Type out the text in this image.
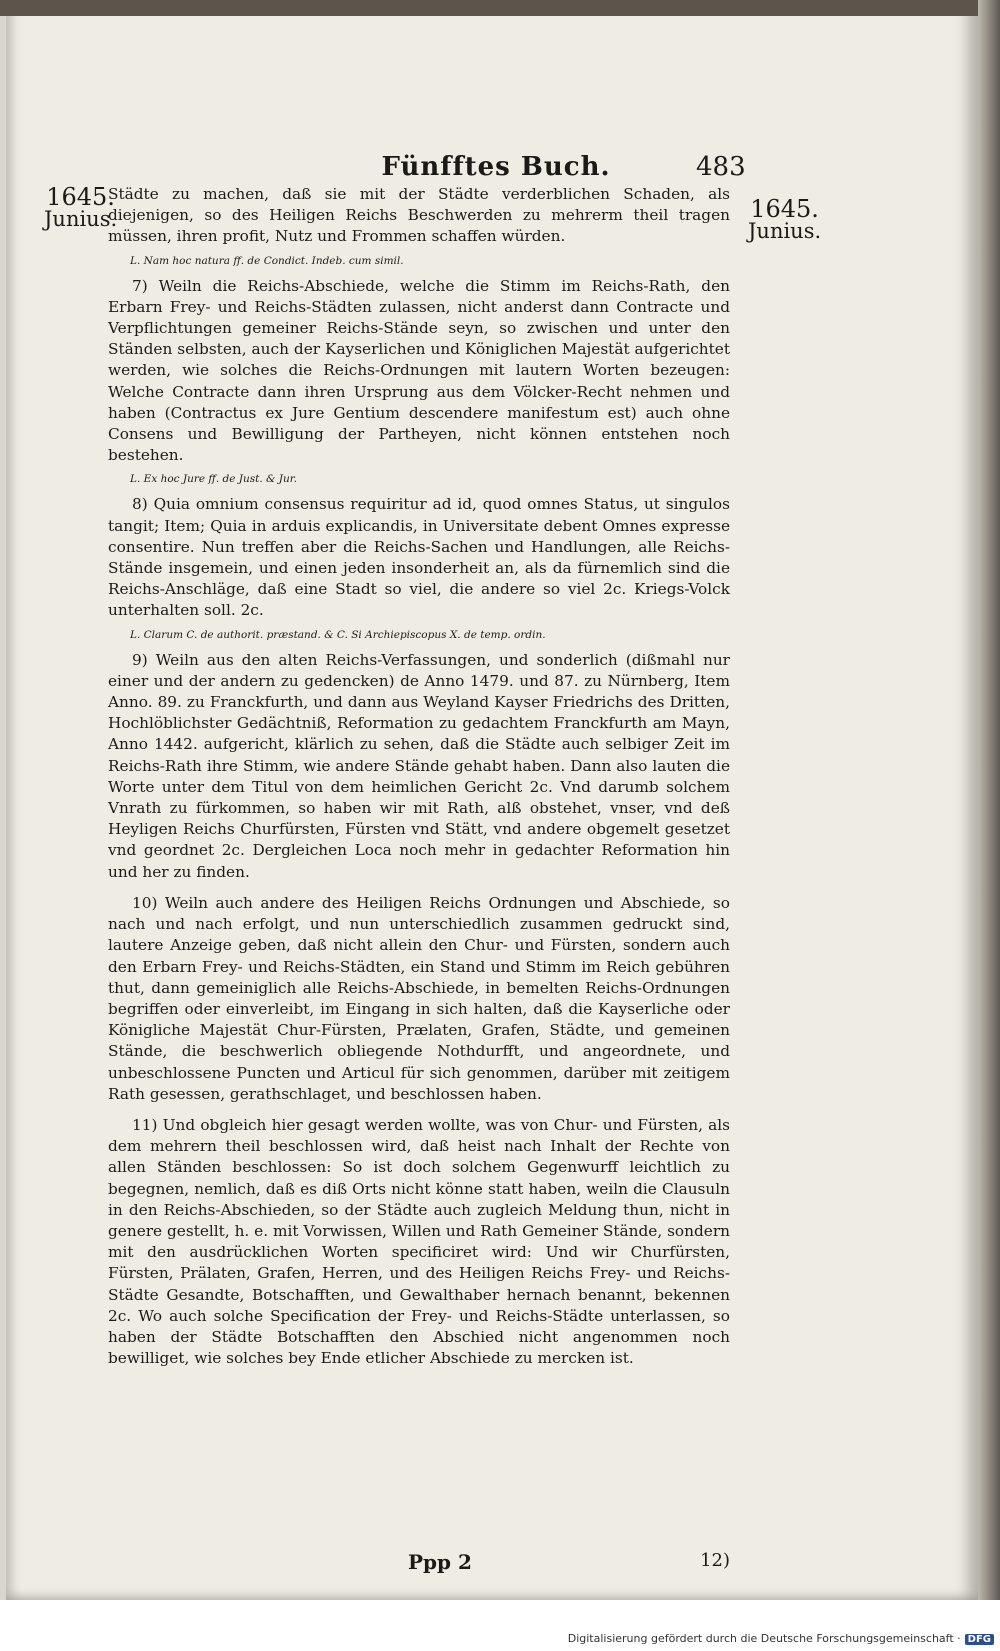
Fünfftes Buch.	483
1645.
Junius.	1645.
Junius.

Städte zu machen, daß sie mit der Städte verderblichen Schaden, als diejenigen, so des Heiligen Reichs Beschwerden zu mehrerm theil tragen müssen, ihren profit, Nutz und Frommen schaffen würden.

L. Nam hoc natura ff. de Condict. Indeb. cum simil.

7) Weiln die Reichs-Abschiede, welche die Stimm im Reichs-Rath, den Erbarn Frey- und Reichs-Städten zulassen, nicht anderst dann Contracte und Verpflichtungen gemeiner Reichs-Stände seyn, so zwischen und unter den Ständen selbsten, auch der Kayserlichen und Königlichen Majestät aufgerichtet werden, wie solches die Reichs-Ordnungen mit lautern Worten bezeugen: Welche Contracte dann ihren Ursprung aus dem Völcker-Recht nehmen und haben (Contractus ex Jure Gentium descendere manifestum est) auch ohne Consens und Bewilligung der Partheyen, nicht können entstehen noch bestehen.

L. Ex hoc Jure ff. de Just. & Jur.

8) Quia omnium consensus requiritur ad id, quod omnes Status, ut singulos tangit; Item; Quia in arduis explicandis, in Universitate debent Omnes expresse consentire. Nun treffen aber die Reichs-Sachen und Handlungen, alle Reichs-Stände insgemein, und einen jeden insonderheit an, als da fürnemlich sind die Reichs-Anschläge, daß eine Stadt so viel, die andere so viel 2c. Kriegs-Volck unterhalten soll. 2c.

L. Clarum C. de authorit. præstand. & C. Si Archiepiscopus X. de temp. ordin.

9) Weiln aus den alten Reichs-Verfassungen, und sonderlich (dißmahl nur einer und der andern zu gedencken) de Anno 1479. und 87. zu Nürnberg, Item Anno. 89. zu Franckfurth, und dann aus Weyland Kayser Friedrichs des Dritten, Hochlöblichster Gedächtniß, Reformation zu gedachtem Franckfurth am Mayn, Anno 1442. aufgericht, klärlich zu sehen, daß die Städte auch selbiger Zeit im Reichs-Rath ihre Stimm, wie andere Stände gehabt haben. Dann also lauten die Worte unter dem Titul von dem heimlichen Gericht 2c. Vnd darumb solchem Vnrath zu fürkommen, so haben wir mit Rath, alß obstehet, vnser, vnd deß Heyligen Reichs Churfürsten, Fürsten vnd Stätt, vnd andere obgemelt gesetzet vnd geordnet 2c. Dergleichen Loca noch mehr in gedachter Reformation hin und her zu finden.

10) Weiln auch andere des Heiligen Reichs Ordnungen und Abschiede, so nach und nach erfolgt, und nun unterschiedlich zusammen gedruckt sind, lautere Anzeige geben, daß nicht allein den Chur- und Fürsten, sondern auch den Erbarn Frey- und Reichs-Städten, ein Stand und Stimm im Reich gebühren thut, dann gemeiniglich alle Reichs-Abschiede, in bemelten Reichs-Ordnungen begriffen oder einverleibt, im Eingang in sich halten, daß die Kayserliche oder Königliche Majestät Chur-Fürsten, Prælaten, Grafen, Städte, und gemeinen Stände, die beschwerlich obliegende Nothdurfft, und angeordnete, und unbeschlossene Puncten und Articul für sich genommen, darüber mit zeitigem Rath gesessen, gerathschlaget, und beschlossen haben.

11) Und obgleich hier gesagt werden wollte, was von Chur- und Fürsten, als dem mehrern theil beschlossen wird, daß heist nach Inhalt der Rechte von allen Ständen beschlossen: So ist doch solchem Gegenwurff leichtlich zu begegnen, nemlich, daß es diß Orts nicht könne statt haben, weiln die Clausuln in den Reichs-Abschieden, so der Städte auch zugleich Meldung thun, nicht in genere gestellt, h. e. mit Vorwissen, Willen und Rath Gemeiner Stände, sondern mit den ausdrücklichen Worten specificiret wird: Und wir Churfürsten, Fürsten, Prälaten, Grafen, Herren, und des Heiligen Reichs Frey- und Reichs-Städte Gesandte, Botschafften, und Gewalthaber hernach benannt, bekennen 2c. Wo auch solche Specification der Frey- und Reichs-Städte unterlassen, so haben der Städte Botschafften den Abschied nicht angenommen noch bewilliget, wie solches bey Ende etlicher Abschiede zu mercken ist.

Ppp 2	12)
Digitalisierung gefördert durch die Deutsche Forschungsgemeinschaft · DFG
